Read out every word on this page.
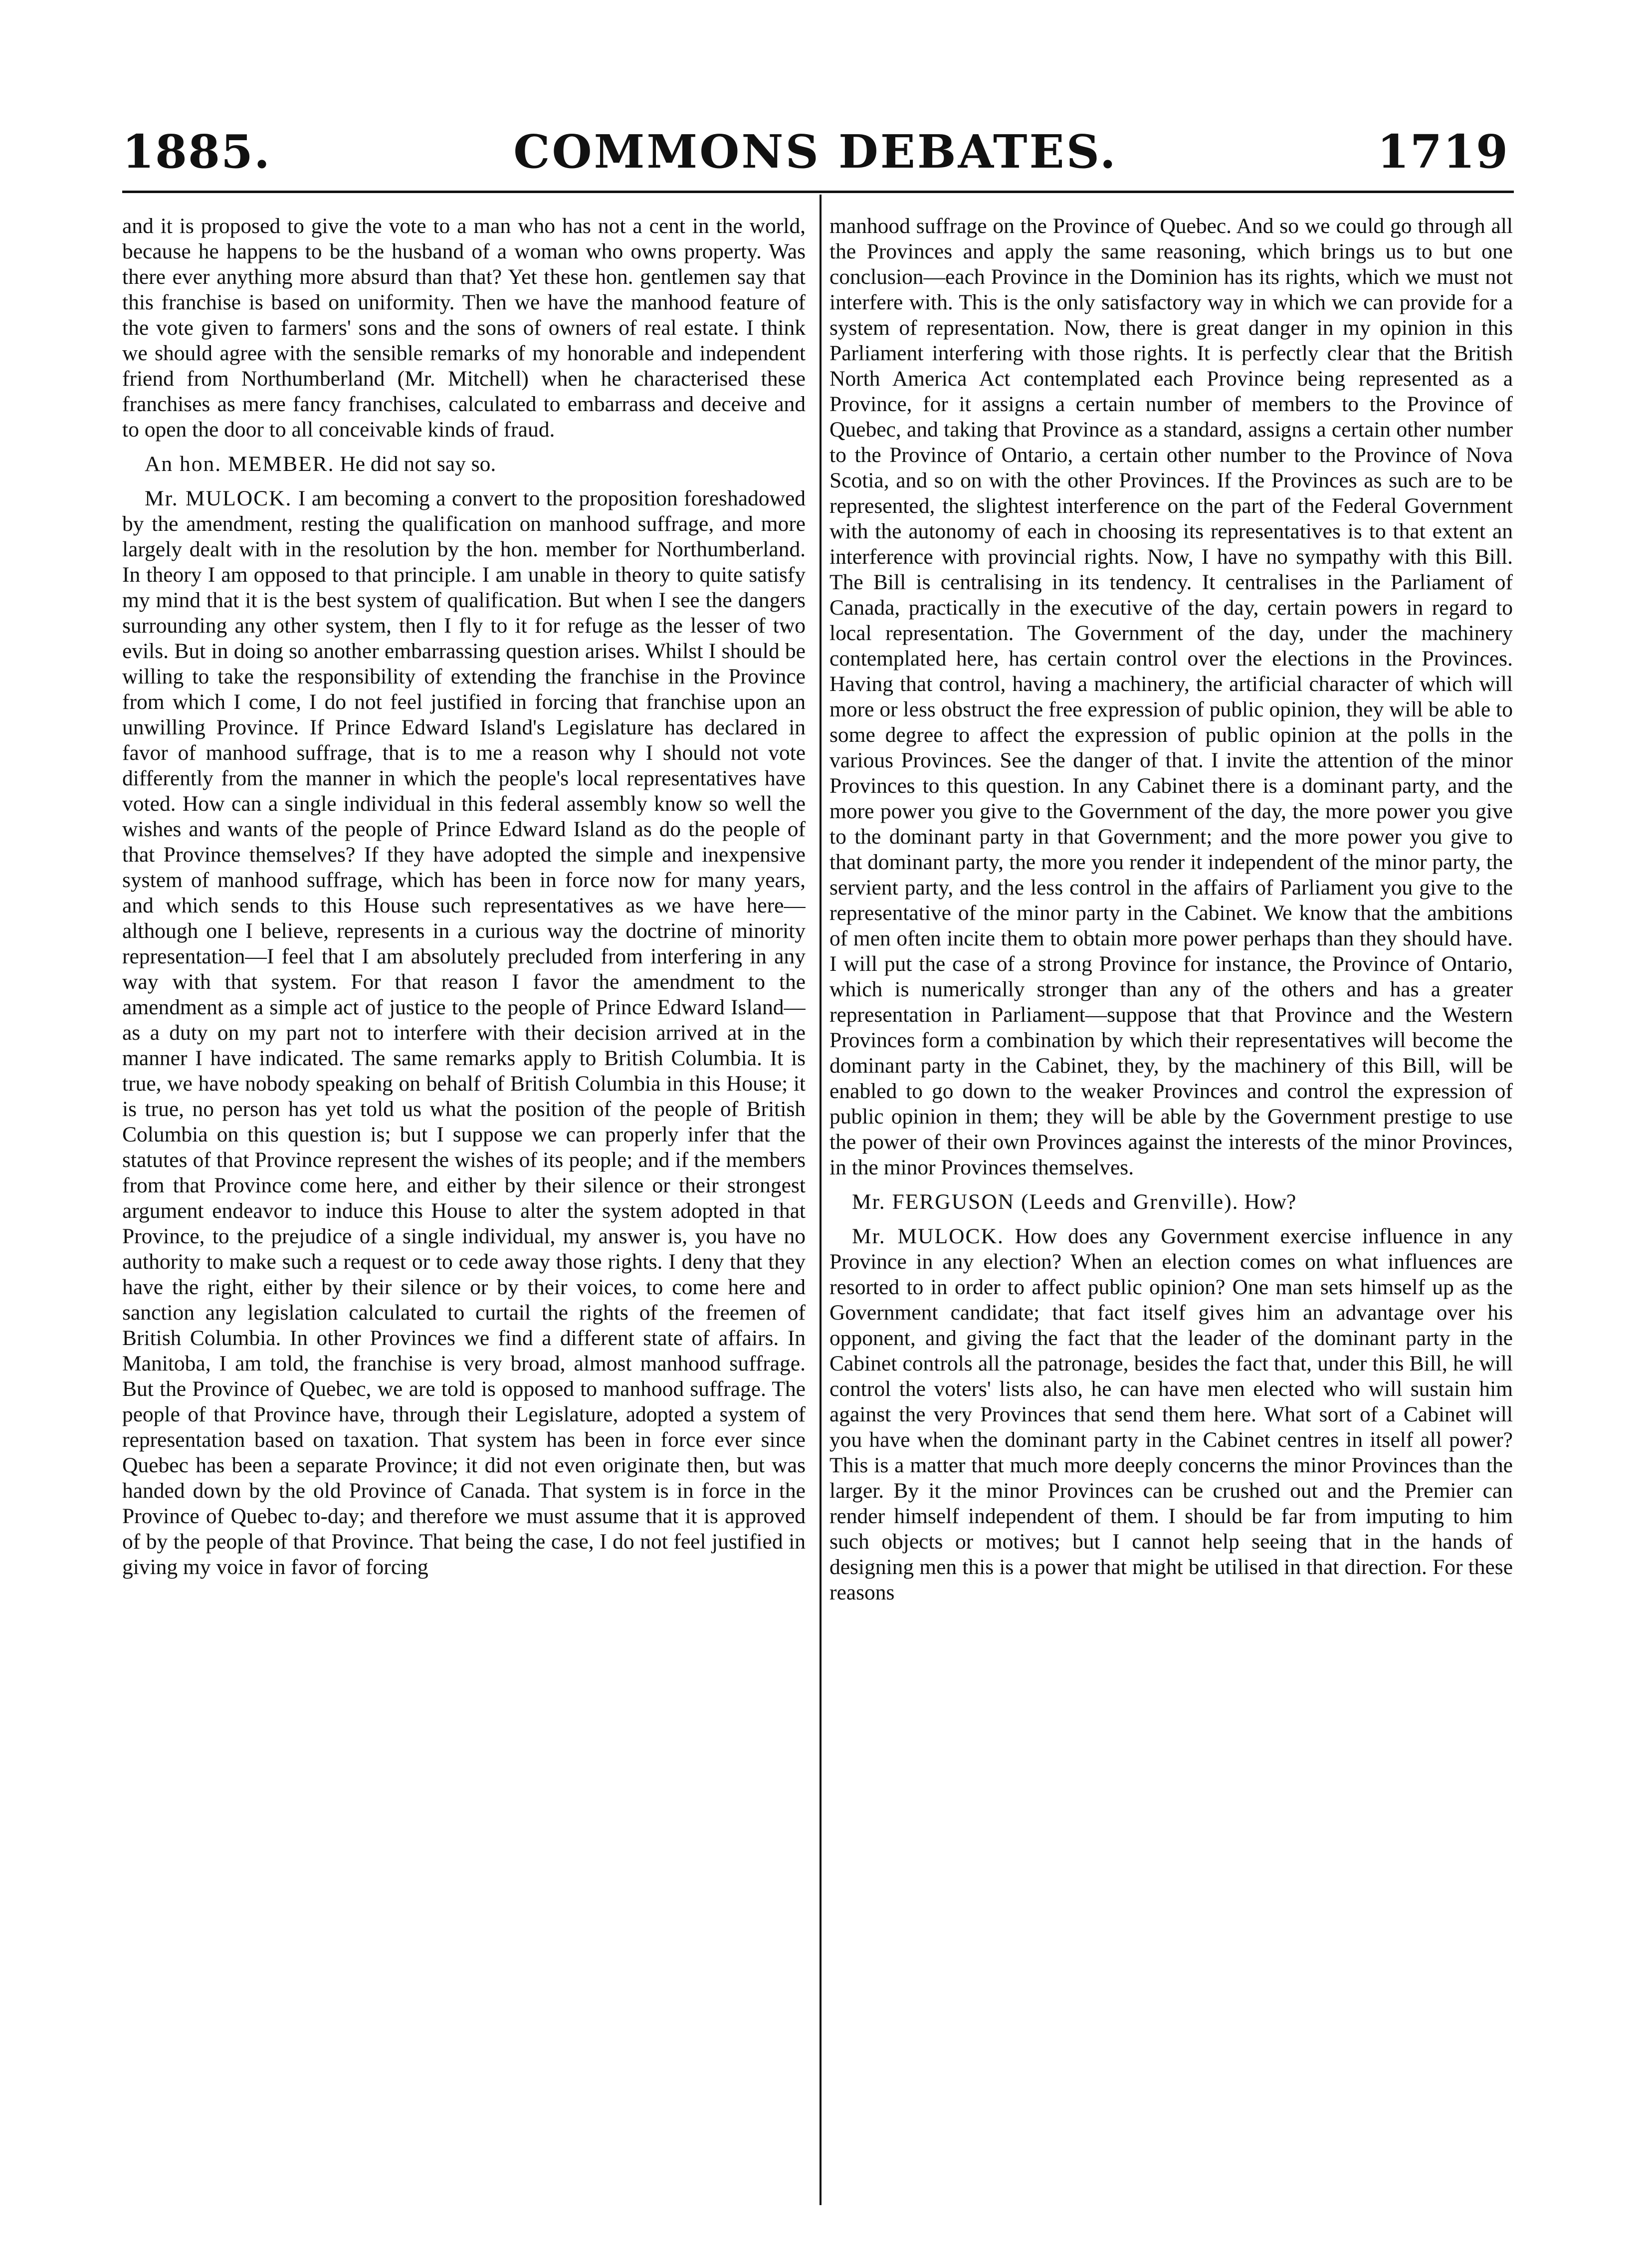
COMMONS DEBATES.
1885.	1719

and it is proposed to give the vote to a man who has not a cent in the world, because he happens to be the husband of a woman who owns property. Was there ever anything more absurd than that? Yet these hon. gentlemen say that this franchise is based on uniformity. Then we have the manhood feature of the vote given to farmers' sons and the sons of owners of real estate. I think we should agree with the sensible remarks of my honorable and independent friend from Northumberland (Mr. Mitchell) when he characterised these franchises as mere fancy franchises, calculated to embarrass and deceive and to open the door to all conceivable kinds of fraud.

An hon. MEMBER. He did not say so.

Mr. MULOCK. I am becoming a convert to the proposition foreshadowed by the amendment, resting the qualification on manhood suffrage, and more largely dealt with in the resolution by the hon. member for Northumberland. In theory I am opposed to that principle. I am unable in theory to quite satisfy my mind that it is the best system of qualification. But when I see the dangers surrounding any other system, then I fly to it for refuge as the lesser of two evils. But in doing so another embarrassing question arises. Whilst I should be willing to take the responsibility of extending the franchise in the Province from which I come, I do not feel justified in forcing that franchise upon an unwilling Province. If Prince Edward Island's Legislature has declared in favor of manhood suffrage, that is to me a reason why I should not vote differently from the manner in which the people's local representatives have voted. How can a single individual in this federal assembly know so well the wishes and wants of the people of Prince Edward Island as do the people of that Province themselves? If they have adopted the simple and inexpensive system of manhood suffrage, which has been in force now for many years, and which sends to this House such representatives as we have here—although one I believe, represents in a curious way the doctrine of minority representation—I feel that I am absolutely precluded from interfering in any way with that system. For that reason I favor the amendment to the amendment as a simple act of justice to the people of Prince Edward Island—as a duty on my part not to interfere with their decision arrived at in the manner I have indicated. The same remarks apply to British Columbia. It is true, we have nobody speaking on behalf of British Columbia in this House; it is true, no person has yet told us what the position of the people of British Columbia on this question is; but I suppose we can properly infer that the statutes of that Province represent the wishes of its people; and if the members from that Province come here, and either by their silence or their strongest argument endeavor to induce this House to alter the system adopted in that Province, to the prejudice of a single individual, my answer is, you have no authority to make such a request or to cede away those rights. I deny that they have the right, either by their silence or by their voices, to come here and sanction any legislation calculated to curtail the rights of the freemen of British Columbia. In other Provinces we find a different state of affairs. In Manitoba, I am told, the franchise is very broad, almost manhood suffrage. But the Province of Quebec, we are told is opposed to manhood suffrage. The people of that Province have, through their Legislature, adopted a system of representation based on taxation. That system has been in force ever since Quebec has been a separate Province; it did not even originate then, but was handed down by the old Province of Canada. That system is in force in the Province of Quebec to-day; and therefore we must assume that it is approved of by the people of that Province. That being the case, I do not feel justified in giving my voice in favor of forcing

manhood suffrage on the Province of Quebec. And so we could go through all the Provinces and apply the same reasoning, which brings us to but one conclusion—each Province in the Dominion has its rights, which we must not interfere with. This is the only satisfactory way in which we can provide for a system of representation. Now, there is great danger in my opinion in this Parliament interfering with those rights. It is perfectly clear that the British North America Act contemplated each Province being represented as a Province, for it assigns a certain number of members to the Province of Quebec, and taking that Province as a standard, assigns a certain other number to the Province of Ontario, a certain other number to the Province of Nova Scotia, and so on with the other Provinces. If the Provinces as such are to be represented, the slightest interference on the part of the Federal Government with the autonomy of each in choosing its representatives is to that extent an interference with provincial rights. Now, I have no sympathy with this Bill. The Bill is centralising in its tendency. It centralises in the Parliament of Canada, practically in the executive of the day, certain powers in regard to local representation. The Government of the day, under the machinery contemplated here, has certain control over the elections in the Provinces. Having that control, having a machinery, the artificial character of which will more or less obstruct the free expression of public opinion, they will be able to some degree to affect the expression of public opinion at the polls in the various Provinces. See the danger of that. I invite the attention of the minor Provinces to this question. In any Cabinet there is a dominant party, and the more power you give to the Government of the day, the more power you give to the dominant party in that Government; and the more power you give to that dominant party, the more you render it independent of the minor party, the servient party, and the less control in the affairs of Parliament you give to the representative of the minor party in the Cabinet. We know that the ambitions of men often incite them to obtain more power perhaps than they should have. I will put the case of a strong Province for instance, the Province of Ontario, which is numerically stronger than any of the others and has a greater representation in Parliament—suppose that that Province and the Western Provinces form a combination by which their representatives will become the dominant party in the Cabinet, they, by the machinery of this Bill, will be enabled to go down to the weaker Provinces and control the expression of public opinion in them; they will be able by the Government prestige to use the power of their own Provinces against the interests of the minor Provinces, in the minor Provinces themselves.

Mr. FERGUSON (Leeds and Grenville). How?

Mr. MULOCK. How does any Government exercise influence in any Province in any election? When an election comes on what influences are resorted to in order to affect public opinion? One man sets himself up as the Government candidate; that fact itself gives him an advantage over his opponent, and giving the fact that the leader of the dominant party in the Cabinet controls all the patronage, besides the fact that, under this Bill, he will control the voters' lists also, he can have men elected who will sustain him against the very Provinces that send them here. What sort of a Cabinet will you have when the dominant party in the Cabinet centres in itself all power? This is a matter that much more deeply concerns the minor Provinces than the larger. By it the minor Provinces can be crushed out and the Premier can render himself independent of them. I should be far from imputing to him such objects or motives; but I cannot help seeing that in the hands of designing men this is a power that might be utilised in that direction. For these reasons
